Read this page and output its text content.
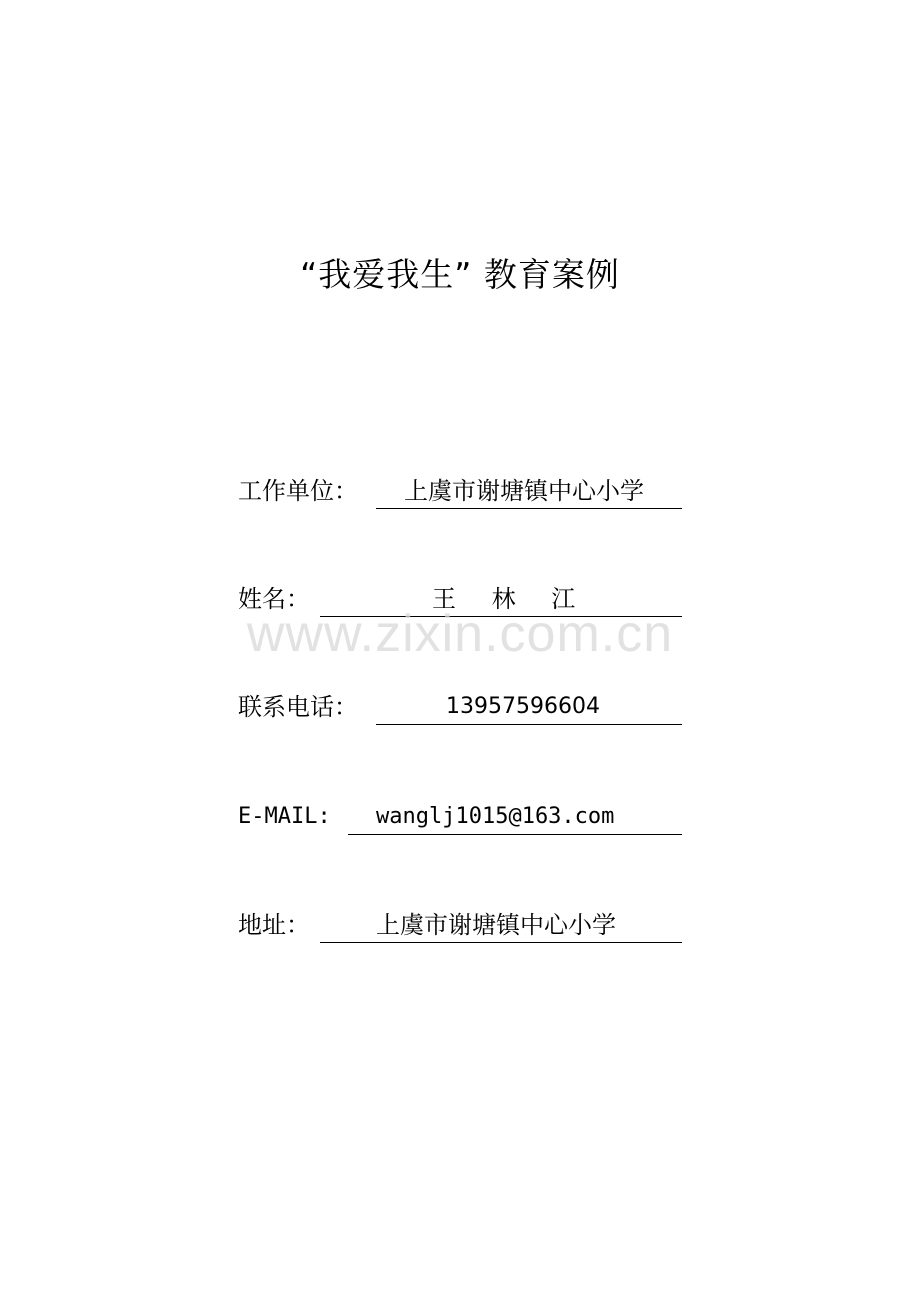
“我爱我生” 教育案例
工作单位： 上虞市谢塘镇中心小学
姓名：	王 林 江
联系电话：	13957596604
E-MAIL: wanglj1015@163.com
地址：	上虞市谢塘镇中心小学
www.zixin.com.cn
